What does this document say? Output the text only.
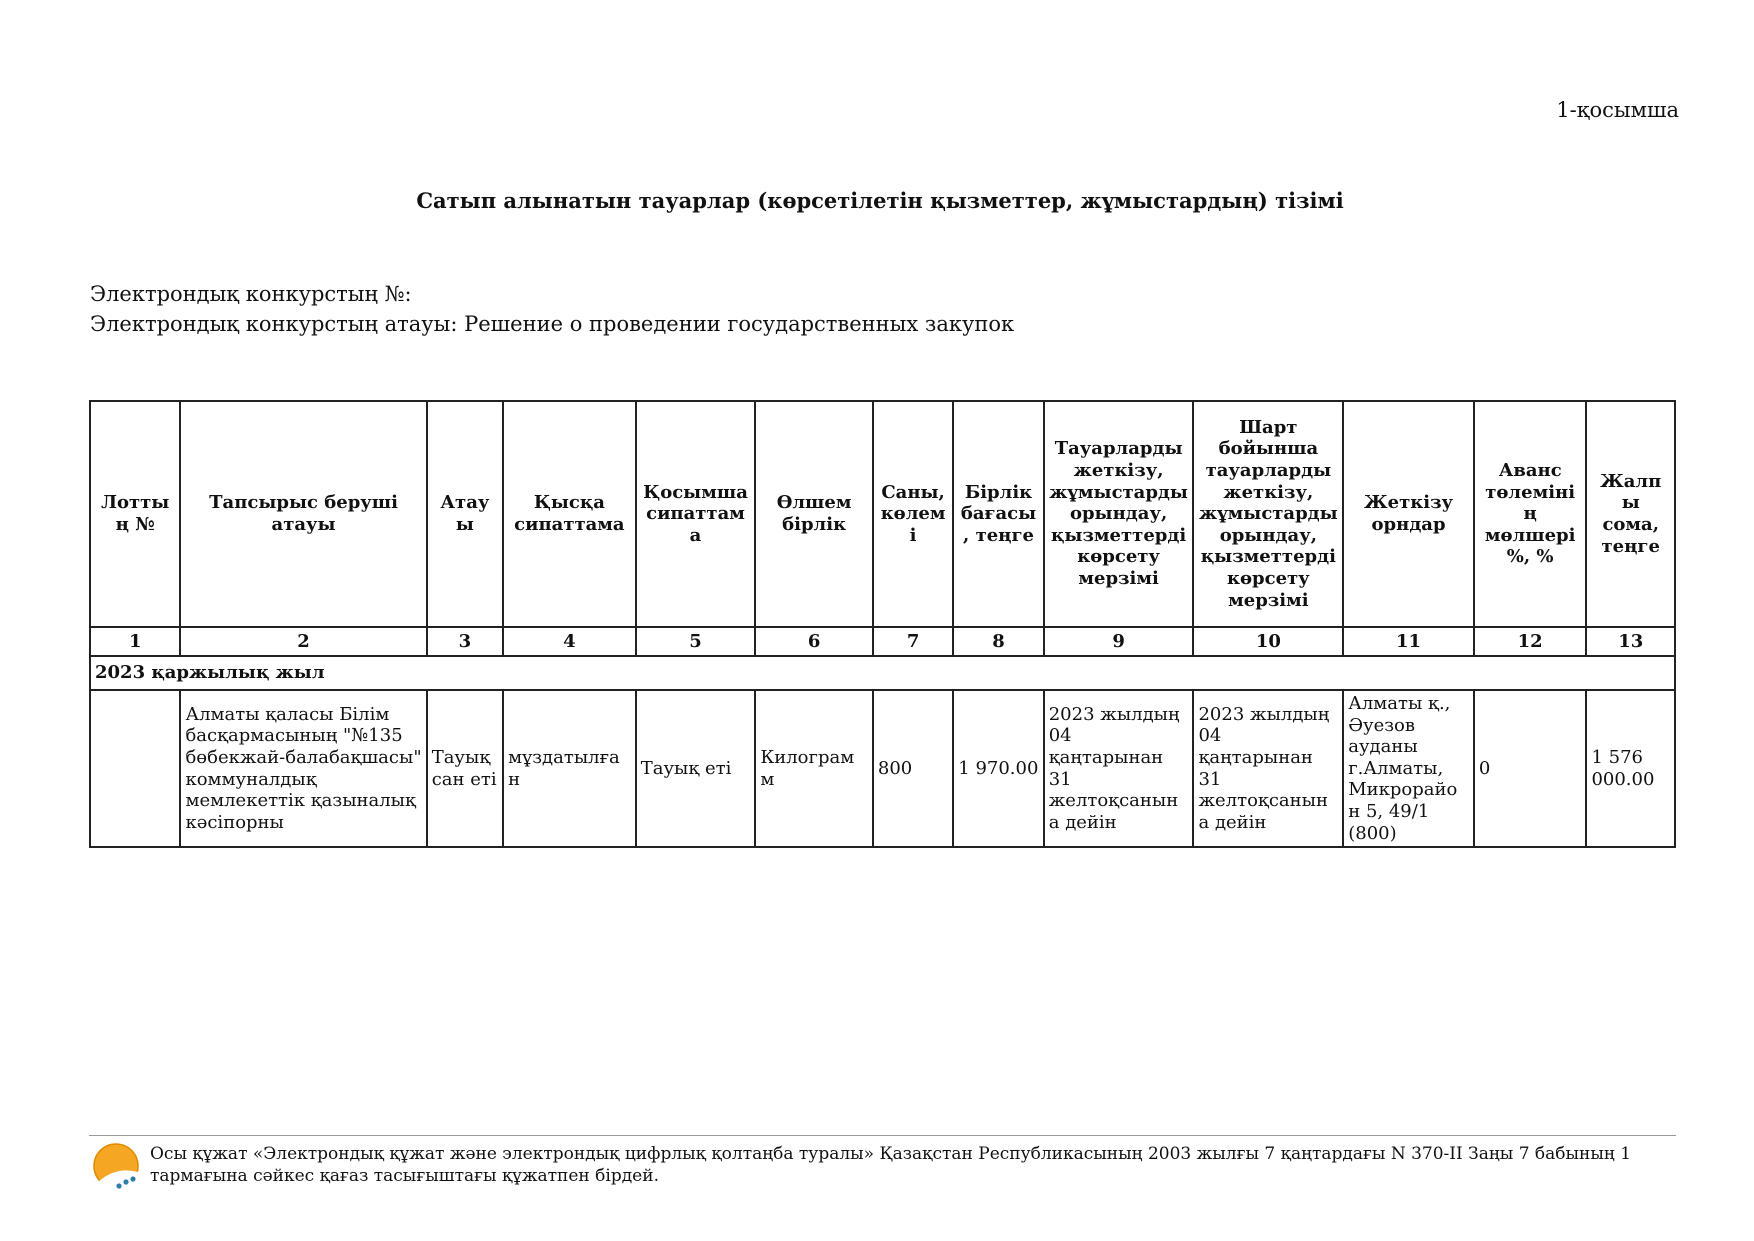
1-қосымша
Сатып алынатын тауарлар (көрсетілетін қызметтер, жұмыстардың) тізімі
Электрондық конкурстың №:
Электрондық конкурстың атауы: Решение о проведении государственных закупок
Лоттың №	Тапсырыс беруші атауы	Атауы	Қысқа сипаттама	Қосымша сипаттама	Өлшем бірлік	Саны, көлемі	Бірлік бағасы, теңге	Тауарларды жеткізу, жұмыстарды орындау, қызметтерді көрсету мерзімі	Шарт бойынша тауарларды жеткізу, жұмыстарды орындау, қызметтерді көрсету мерзімі	Жеткізу орндар	Аванс төлемінің мөлшері %, %	Жалпы сома, теңге
1	2	3	4	5	6	7	8	9	10	11	12	13
2023 қаржылық жыл												
	Алматы қаласы Білім басқармасының "№135 бөбекжай-балабақшасы" коммуналдық мемлекеттік қазыналық кәсіпорны	Тауық сан еті	мұздатылған	Тауық еті	Килограмм	800	1 970.00	2023 жылдың 04 қаңтарынан 31 желтоқсанына дейін	2023 жылдың 04 қаңтарынан 31 желтоқсанына дейін	Алматы қ., Әуезов ауданы г.Алматы, Микрорайон 5, 49/1 (800)	0	1 576 000.00
Осы құжат «Электрондық құжат және электрондық цифрлық қолтаңба туралы» Қазақстан Республикасының 2003 жылғы 7 қаңтардағы N 370-II Заңы 7 бабының 1 тармағына сәйкес қағаз тасығыштағы құжатпен бірдей.
